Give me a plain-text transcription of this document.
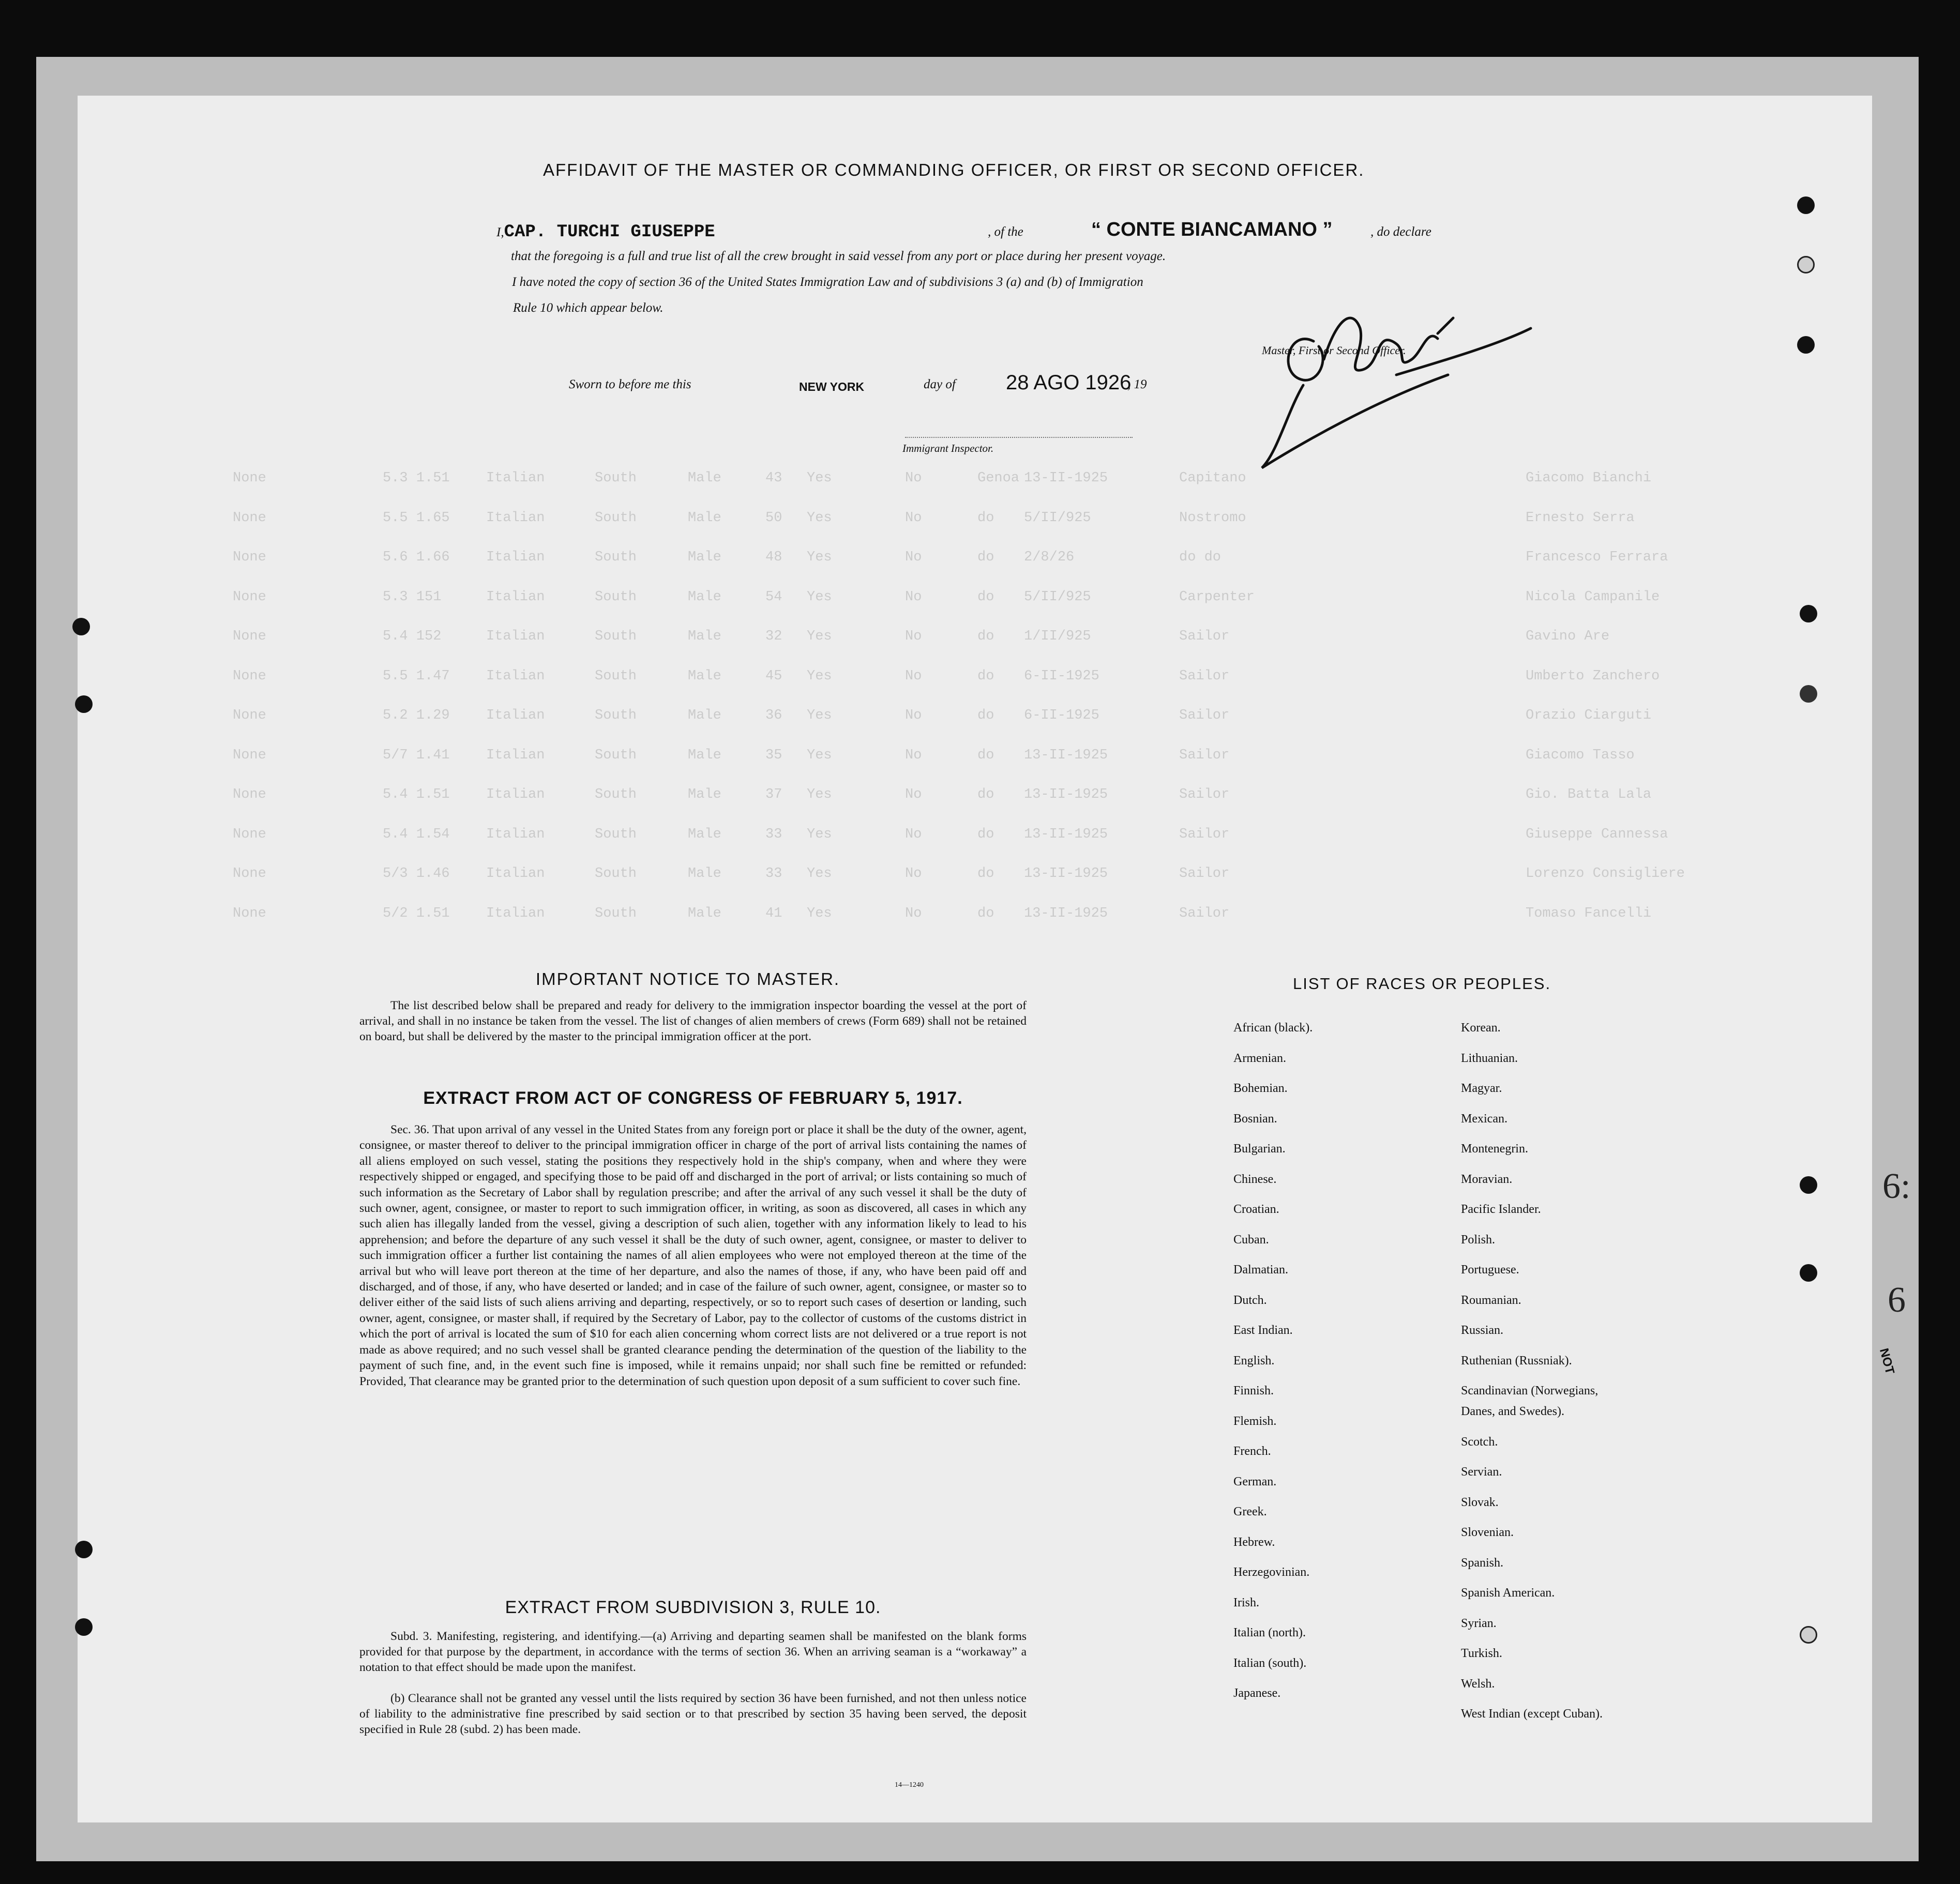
None	5.3 1.51	Italian	South	Male	43 Yes	No	Genoa 13-II-1925	Capitano	Giacomo Bianchi
None	5.5 1.65	Italian	South	Male	50 Yes	No	do 5/II/925	Nostromo	Ernesto Serra
None	5.6 1.66	Italian	South	Male	48 Yes	No	do 2/8/26	do do	Francesco Ferrara
None	5.3 151	Italian	South	Male	54 Yes	No	do 5/II/925	Carpenter	Nicola Campanile
None	5.4 152	Italian	South	Male	32 Yes	No	do 1/II/925	Sailor	Gavino Are
None	5.5 1.47	Italian	South	Male	45 Yes	No	do 6-II-1925	Sailor	Umberto Zanchero
None	5.2 1.29	Italian	South	Male	36 Yes	No	do 6-II-1925	Sailor	Orazio Ciarguti
None	5/7 1.41	Italian	South	Male	35 Yes	No	do 13-II-1925	Sailor	Giacomo Tasso
None	5.4 1.51	Italian	South	Male	37 Yes	No	do 13-II-1925	Sailor	Gio. Batta Lala
None	5.4 1.54	Italian	South	Male	33 Yes	No	do 13-II-1925	Sailor	Giuseppe Cannessa
None	5/3 1.46	Italian	South	Male	33 Yes	No	do 13-II-1925	Sailor	Lorenzo Consigliere
None	5/2 1.51	Italian	South	Male	41 Yes	No	do 13-II-1925	Sailor	Tomaso Fancelli
AFFIDAVIT OF THE MASTER OR COMMANDING OFFICER, OR FIRST OR SECOND OFFICER.
I,CAP. TURCHI GIUSEPPE	, of the	“ CONTE BIANCAMANO ”	, do declare
that the foregoing is a full and true list of all the crew brought in said vessel from any port or place during her present voyage.
I have noted the copy of section 36 of the United States Immigration Law and of subdivisions 3 (a) and (b) of Immigration
Rule 10 which appear below.
Master, First or Second Officer.
Sworn to before me this	NEW YORK	day of 28 AGO 1926
, 19
Immigrant Inspector.
IMPORTANT NOTICE TO MASTER.
The list described below shall be prepared and ready for delivery to the immigration inspector boarding the vessel at the port of arrival, and shall in no instance be taken from the vessel. The list of changes of alien members of crews (Form 689) shall not be retained on board, but shall be delivered by the master to the principal immigration officer at the port.
EXTRACT FROM ACT OF CONGRESS OF FEBRUARY 5, 1917.
Sec. 36. That upon arrival of any vessel in the United States from any foreign port or place it shall be the duty of the owner, agent, consignee, or master thereof to deliver to the principal immigration officer in charge of the port of arrival lists containing the names of all aliens employed on such vessel, stating the positions they respectively hold in the ship's company, when and where they were respectively shipped or engaged, and specifying those to be paid off and discharged in the port of arrival; or lists containing so much of such information as the Secretary of Labor shall by regulation prescribe; and after the arrival of any such vessel it shall be the duty of such owner, agent, consignee, or master to report to such immigration officer, in writing, as soon as discovered, all cases in which any such alien has illegally landed from the vessel, giving a description of such alien, together with any information likely to lead to his apprehension; and before the departure of any such vessel it shall be the duty of such owner, agent, consignee, or master to deliver to such immigration officer a further list containing the names of all alien employees who were not employed thereon at the time of the arrival but who will leave port thereon at the time of her departure, and also the names of those, if any, who have been paid off and discharged, and of those, if any, who have deserted or landed; and in case of the failure of such owner, agent, consignee, or master so to deliver either of the said lists of such aliens arriving and departing, respectively, or so to report such cases of desertion or landing, such owner, agent, consignee, or master shall, if required by the Secretary of Labor, pay to the collector of customs of the customs district in which the port of arrival is located the sum of $10 for each alien concerning whom correct lists are not delivered or a true report is not made as above required; and no such vessel shall be granted clearance pending the determination of the question of the liability to the payment of such fine, and, in the event such fine is imposed, while it remains unpaid; nor shall such fine be remitted or refunded: Provided, That clearance may be granted prior to the determination of such question upon deposit of a sum sufficient to cover such fine.
EXTRACT FROM SUBDIVISION 3, RULE 10.
Subd. 3. Manifesting, registering, and identifying.—(a) Arriving and departing seamen shall be manifested on the blank forms provided for that purpose by the department, in accordance with the terms of section 36. When an arriving seaman is a “workaway” a notation to that effect should be made upon the manifest.
(b) Clearance shall not be granted any vessel until the lists required by section 36 have been furnished, and not then unless notice of liability to the administrative fine prescribed by said section or to that prescribed by section 35 having been served, the deposit specified in Rule 28 (subd. 2) has been made.
14—1240
LIST OF RACES OR PEOPLES.
African (black).
Armenian.
Bohemian.
Bosnian.
Bulgarian.
Chinese.
Croatian.
Cuban.
Dalmatian.
Dutch.
East Indian.
English.
Finnish.
Flemish.
French.
German.
Greek.
Hebrew.
Herzegovinian.
Irish.
Italian (north).
Italian (south).
Japanese.
Korean.
Lithuanian.
Magyar.
Mexican.
Montenegrin.
Moravian.
Pacific Islander.
Polish.
Portuguese.
Roumanian.
Russian.
Ruthenian (Russniak).
Scandinavian (Norwegians,
Danes, and Swedes).
Scotch.
Servian.
Slovak.
Slovenian.
Spanish.
Spanish American.
Syrian.
Turkish.
Welsh.
West Indian (except Cuban).
6:
6
NOT
